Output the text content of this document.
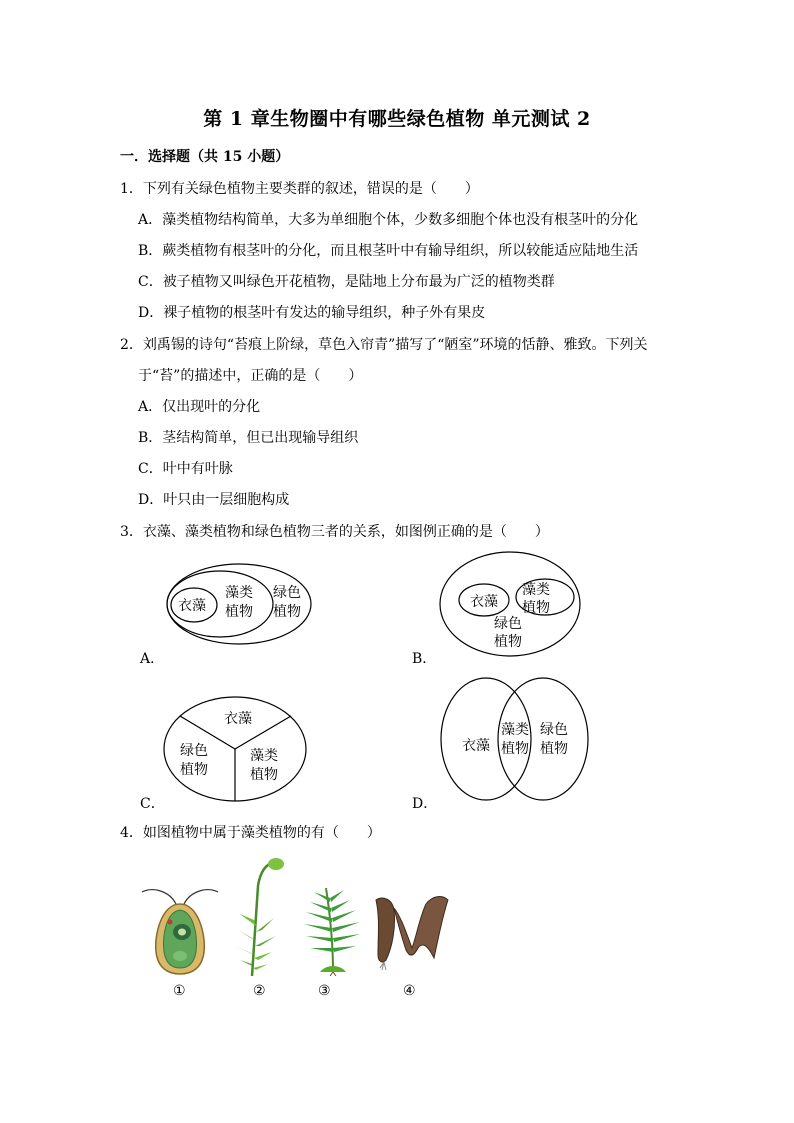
第 1 章生物圈中有哪些绿色植物 单元测试 2
一．选择题（共 15 小题）
1．下列有关绿色植物主要类群的叙述，错误的是（　　）
A．藻类植物结构简单，大多为单细胞个体，少数多细胞个体也没有根茎叶的分化
B．蕨类植物有根茎叶的分化，而且根茎叶中有输导组织，所以较能适应陆地生活
C．被子植物又叫绿色开花植物，是陆地上分布最为广泛的植物类群
D．裸子植物的根茎叶有发达的输导组织，种子外有果皮
2．刘禹锡的诗句“苔痕上阶绿，草色入帘青”描写了“陋室”环境的恬静、雅致。下列关
于“苔”的描述中，正确的是（　　）
A．仅出现叶的分化
B．茎结构简单，但已出现输导组织
C．叶中有叶脉
D．叶只由一层细胞构成
3．衣藻、藻类植物和绿色植物三者的关系，如图例正确的是（　　）
衣藻
藻类
植物
绿色
植物
A．
衣藻
藻类
植物
绿色
植物
B．
衣藻
绿色
植物
藻类
植物
C．
衣藻
藻类
植物
绿色
植物
D．
4．如图植物中属于藻类植物的有（　　）
①	②	③	④
